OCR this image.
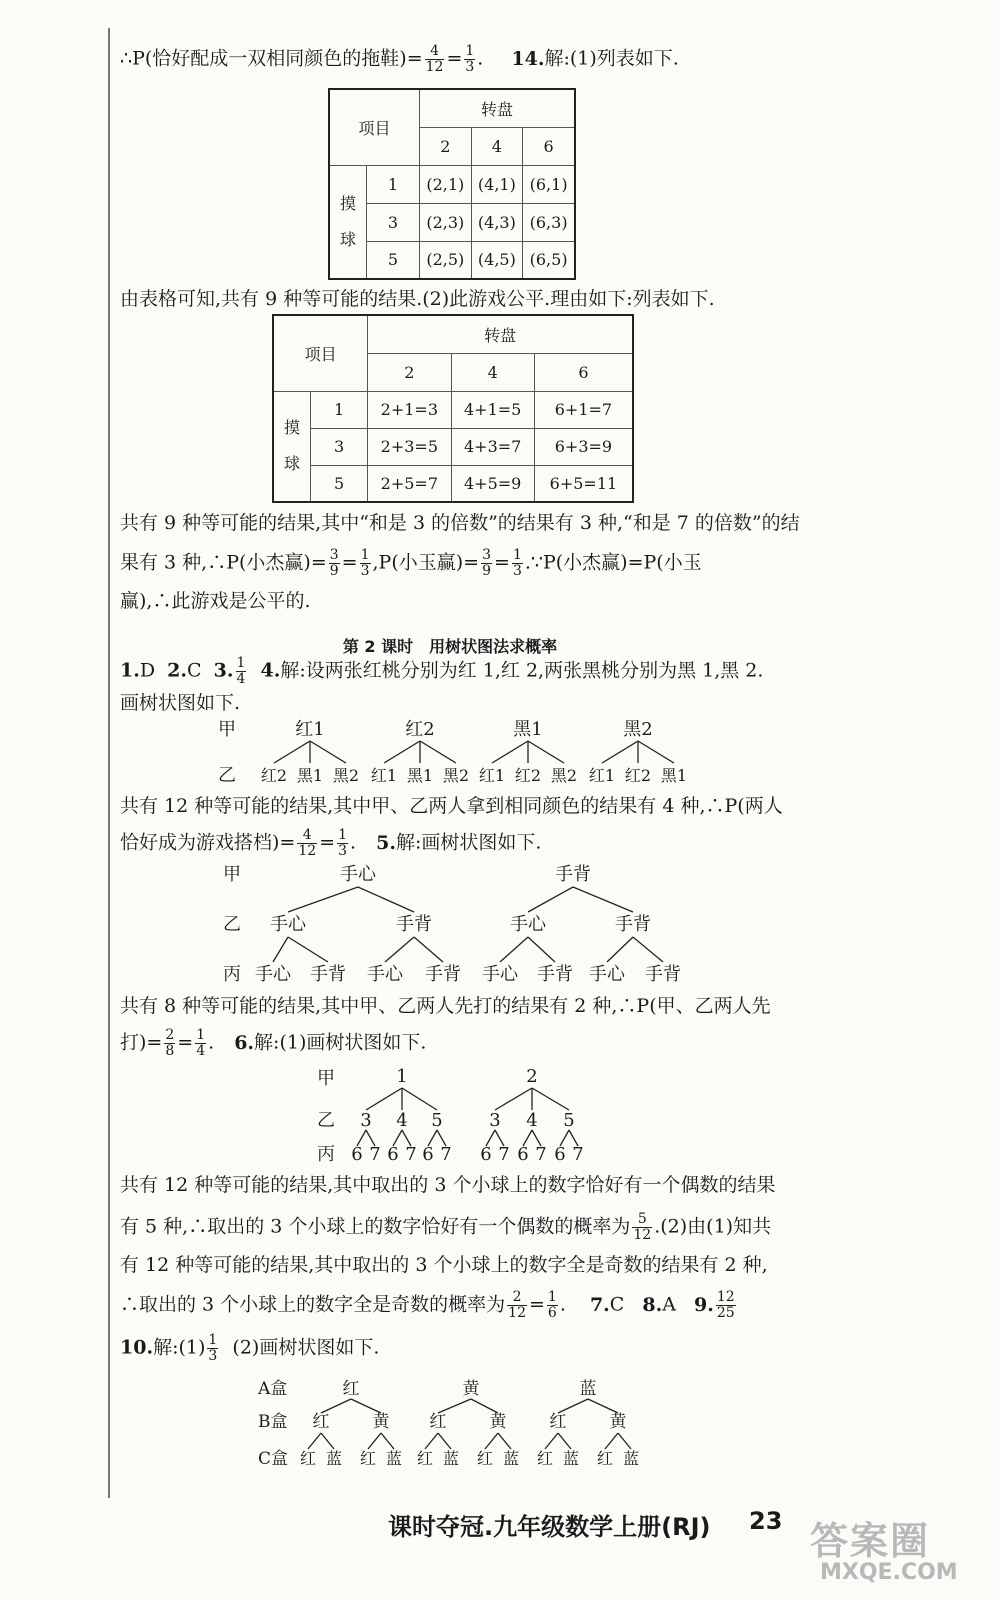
∴P(恰好配成一双相同颜色的拖鞋)= $\frac{4}{12} = \frac{1}{3}$ . 14.解:(1)列表如下.
项目		转盘		
		2	4	6
摸
球	1	(2,1)	(4,1)	(6,1)
	3	(2,3)	(4,3)	(6,3)
	5	(2,5)	(4,5)	(6,5)
由表格可知,共有 9 种等可能的结果.(2)此游戏公平.理由如下:列表如下.
项目		转盘		
		2	4	6
摸
球	1	2+1=3	4+1=5	6+1=7
	3	2+3=5	4+3=7	6+3=9
	5	2+5=7	4+5=9	6+5=11
共有 9 种等可能的结果,其中“和是 3 的倍数”的结果有 3 种,“和是 7 的倍数”的结
果有 3 种,∴P(小杰赢)= $\frac{3}{9} = \frac{1}{3} ,P$(小玉赢)= $\frac{3}{9} = \frac{1}{3}$ .∵P(小杰赢)=P(小玉
赢),∴此游戏是公平的.
第 2 课时　用树状图法求概率
1.D 2.C 3. $\frac{1}{4} 4$.解:设两张红桃分别为红 1,红 2,两张黑桃分别为黑 1,黑 2.
画树状图如下.
甲
乙
红1
红2 黑1 黑2
红2
红1 黑1 黑2
黑1
红1 红2 黑2
黑2
红1 红2 黑1
共有 12 种等可能的结果,其中甲、乙两人拿到相同颜色的结果有 4 种,∴P(两人
恰好成为游戏搭档)= $\frac{4}{12} = \frac{1}{3}$ . 5.解:画树状图如下.
甲
乙
丙
手心	手背
手心	手背	手心	手背
手心 手背 手心 手背 手心 手背 手心 手背
共有 8 种等可能的结果,其中甲、乙两人先打的结果有 2 种,∴P(甲、乙两人先
打)= $\frac{2}{8} = \frac{1}{4}$ . 6.解:(1)画树状图如下.
甲
乙
丙
1	2
3 4 5	3 4 5
6 7 6 7 6 7 6 7 6 7 6 7
共有 12 种等可能的结果,其中取出的 3 个小球上的数字恰好有一个偶数的结果
有 5 种,∴取出的 3 个小球上的数字恰好有一个偶数的概率为 $\frac{5}{12} .(2)$由(1)知共
有 12 种等可能的结果,其中取出的 3 个小球上的数字全是奇数的结果有 2 种,
∴取出的 3 个小球上的数字全是奇数的概率为 $\frac{2}{12} = \frac{1}{6}$ . 7.C 8.A 9. $\frac{12}{25}$
10.解:(1) $\frac{1}{3} (2)$画树状图如下.
A盒
B盒
C盒
红	黄	蓝
红	黄 红	黄	红	黄
红 蓝 红 蓝 红 蓝 红 蓝 红 蓝 红 蓝
课时夺冠.九年级数学上册(RJ) 23 答案圈
MXQE.COM
